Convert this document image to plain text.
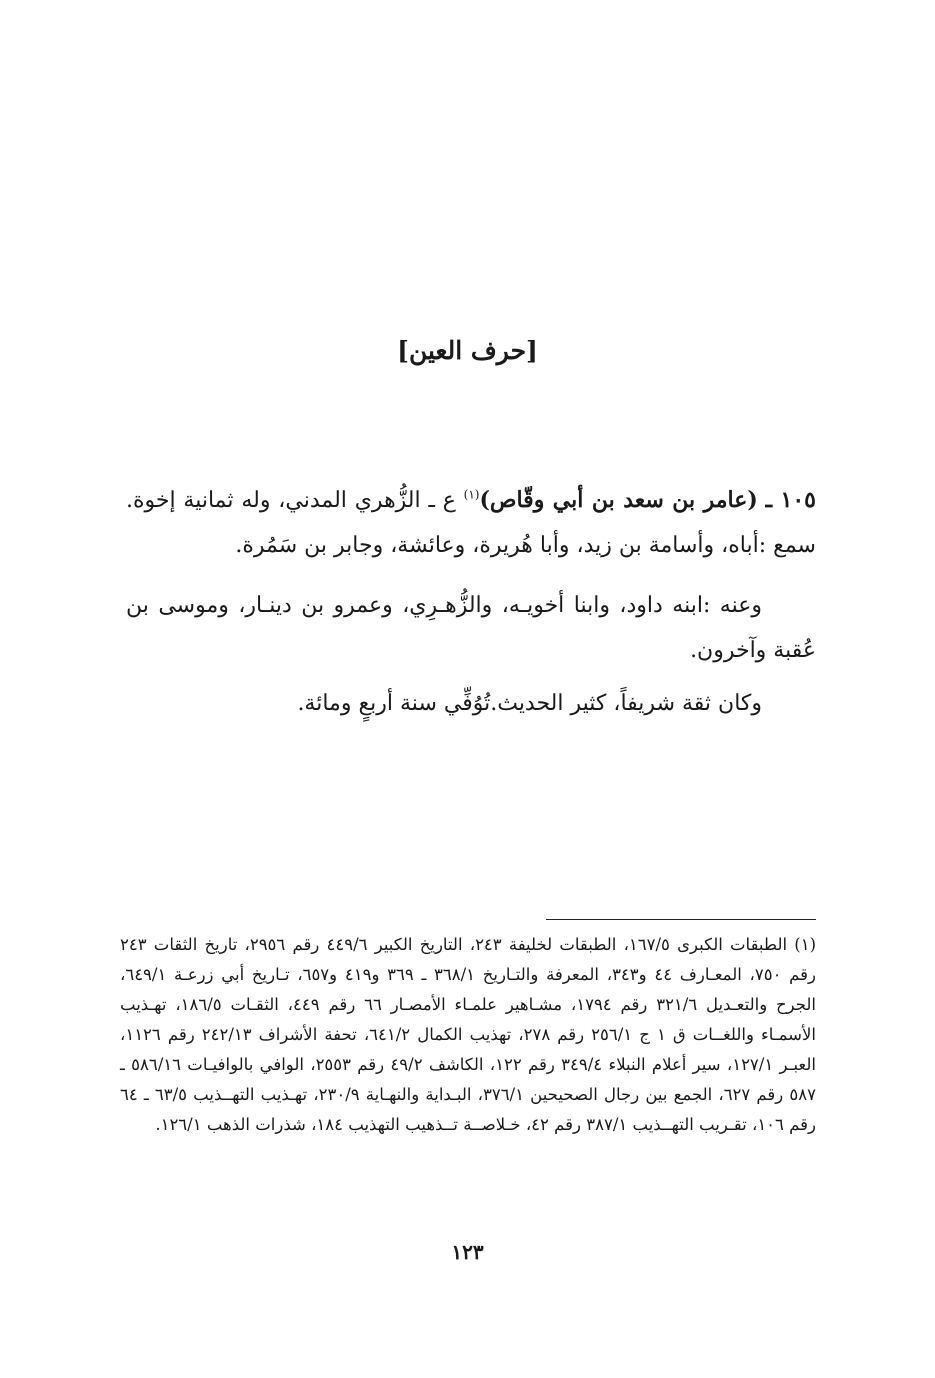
[حرف العين]
١٠٥ ـ (عامر بن سعد بن أبي وقّاص)$^{(١)}$ ع ـ الزُّهري المدني، وله ثمانية إخوة. سمع :أباه، وأسامة بن زيد، وأبا هُريرة، وعائشة، وجابر بن سَمُرة.
وعنه :ابنه داود، وابنا أخويـه، والزُّهـرِي، وعمرو بن دينـار، وموسى بن عُقبة وآخرون.
وكان ثقة شريفاً، كثير الحديث.تُوُفِّي سنة أربعٍ ومائة.
(١) الطبقات الكبرى ١٦٧/٥، الطبقات لخليفة ٢٤٣، التاريخ الكبير ٤٤٩/٦ رقم ٢٩٥٦، تاريخ الثقات ٢٤٣ رقم ٧٥٠، المعـارف ٤٤ و٣٤٣، المعرفة والتـاريخ ٣٦٨/١ ـ ٣٦٩ و٤١٩ و٦٥٧، تـاريخ أبي زرعـة ٦٤٩/١، الجرح والتعـديل ٣٢١/٦ رقم ١٧٩٤، مشـاهير علمـاء الأمصـار ٦٦ رقم ٤٤٩، الثقـات ١٨٦/٥، تهـذيب الأسمـاء واللغــات ق ١ ج ٢٥٦/١ رقم ٢٧٨، تهذيب الكمال ٦٤١/٢، تحفة الأشراف ٢٤٢/١٣ رقم ١١٢٦، العبـر ١٢٧/١، سير أعلام النبلاء ٣٤٩/٤ رقم ١٢٢، الكاشف ٤٩/٢ رقم ٢٥٥٣، الوافي بالوافيـات ٥٨٦/١٦ ـ ٥٨٧ رقم ٦٢٧، الجمع بين رجال الصحيحين ٣٧٦/١، البـداية والنهـاية ٢٣٠/٩، تهـذيب التهــذيب ٦٣/٥ ـ ٦٤ رقم ١٠٦، تقـريب التهــذيب ٣٨٧/١ رقم ٤٢، خـلاصــة تــذهيب التهذيب ١٨٤، شذرات الذهب ١٢٦/١.
١٢٣
